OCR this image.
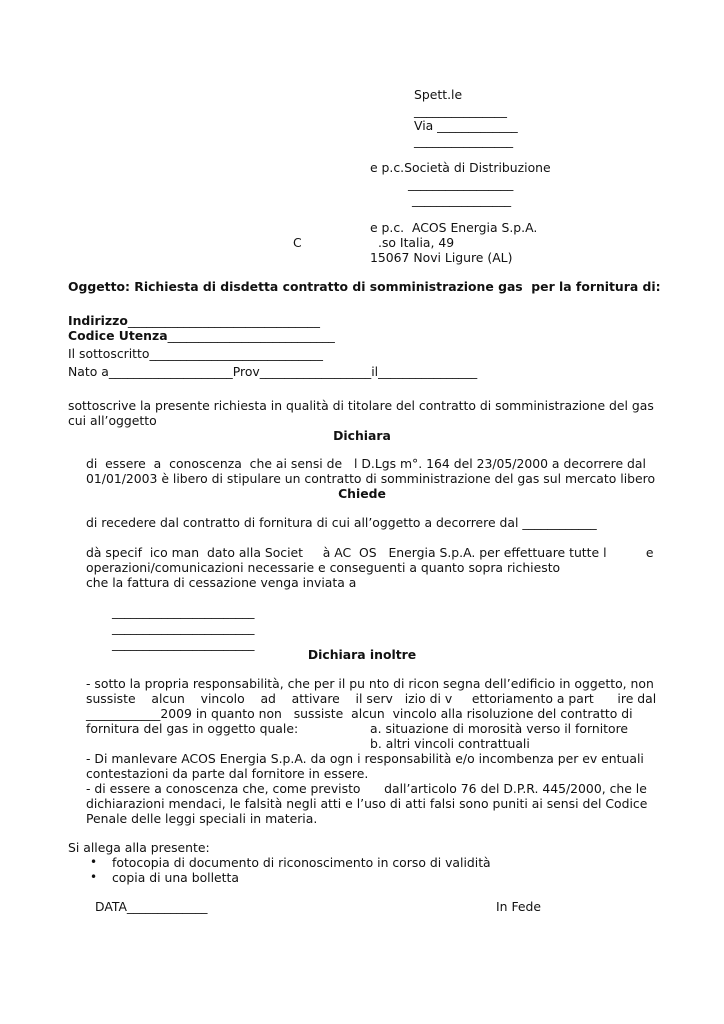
Spett.le
_______________
Via _____________
________________
e p.c.Società di Distribuzione
_________________
________________
e p.c.  ACOS Energia S.p.A.
C	.so Italia, 49
15067 Novi Ligure (AL)
Oggetto: Richiesta di disdetta contratto di somministrazione gas  per la fornitura di:
Indirizzo_______________________________
Codice Utenza___________________________
Il sottoscritto____________________________
Nato a____________________Prov__________________il________________
sottoscrive la presente richiesta in qualità di titolare del contratto di somministrazione del gas
cui all’oggetto
Dichiara
di  essere  a  conoscenza  che ai sensi de   l D.Lgs m°. 164 del 23/05/2000 a decorrere dal
01/01/2003 è libero di stipulare un contratto di somministrazione del gas sul mercato libero
Chiede
di recedere dal contratto di fornitura di cui all’oggetto a decorrere dal ____________
dà specif  ico man  dato alla Societ     à AC  OS   Energia S.p.A. per effettuare tutte l          e
operazioni/comunicazioni necessarie e conseguenti a quanto sopra richiesto
che la fattura di cessazione venga inviata a
_______________________
_______________________
_______________________
Dichiara inoltre
- sotto la propria responsabilità, che per il pu nto di ricon segna dell’edificio in oggetto, non
sussiste    alcun    vincolo    ad    attivare    il serv   izio di v     ettoriamento a part      ire dal
____________2009 in quanto non   sussiste  alcun  vincolo alla risoluzione del contratto di
fornitura del gas in oggetto quale:	a. situazione di morosità verso il fornitore
b. altri vincoli contrattuali
- Di manlevare ACOS Energia S.p.A. da ogn i responsabilità e/o incombenza per ev entuali
contestazioni da parte dal fornitore in essere.
- di essere a conoscenza che, come previsto      dall’articolo 76 del D.P.R. 445/2000, che le
dichiarazioni mendaci, le falsità negli atti e l’uso di atti falsi sono puniti ai sensi del Codice
Penale delle leggi speciali in materia.
Si allega alla presente:
• fotocopia di documento di riconoscimento in corso di validità
• copia di una bolletta
DATA_____________	In Fede
